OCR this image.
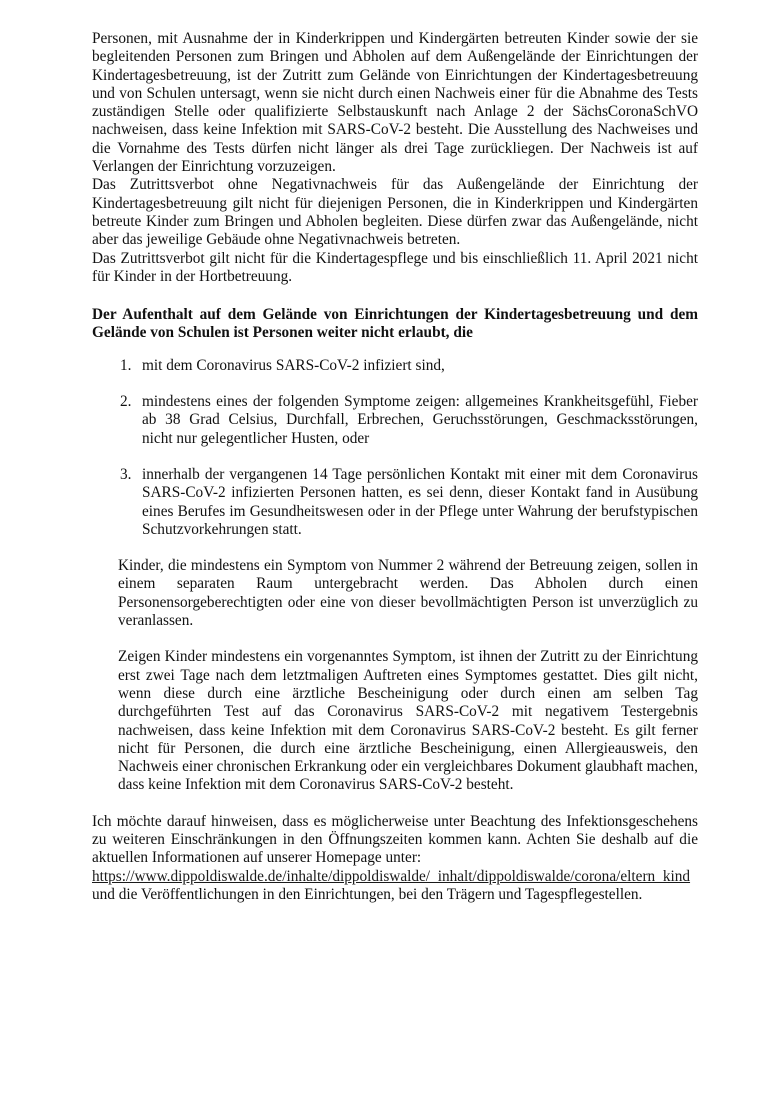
Personen, mit Ausnahme der in Kinderkrippen und Kindergärten betreuten Kinder sowie der sie begleitenden Personen zum Bringen und Abholen auf dem Außengelände der Einrichtungen der Kindertagesbetreuung, ist der Zutritt zum Gelände von Einrichtungen der Kindertagesbetreuung und von Schulen untersagt, wenn sie nicht durch einen Nachweis einer für die Abnahme des Tests zuständigen Stelle oder qualifizierte Selbstauskunft nach Anlage 2 der SächsCoronaSchVO nachweisen, dass keine Infektion mit SARS-CoV-2 besteht. Die Ausstellung des Nachweises und die Vornahme des Tests dürfen nicht länger als drei Tage zurückliegen. Der Nachweis ist auf Verlangen der Einrichtung vorzuzeigen.

Das Zutrittsverbot ohne Negativnachweis für das Außengelände der Einrichtung der Kindertagesbetreuung gilt nicht für diejenigen Personen, die in Kinderkrippen und Kindergärten betreute Kinder zum Bringen und Abholen begleiten. Diese dürfen zwar das Außengelände, nicht aber das jeweilige Gebäude ohne Negativnachweis betreten.

Das Zutrittsverbot gilt nicht für die Kindertagespflege und bis einschließlich 11. April 2021 nicht für Kinder in der Hortbetreuung.

Der Aufenthalt auf dem Gelände von Einrichtungen der Kindertagesbetreuung und dem Gelände von Schulen ist Personen weiter nicht erlaubt, die

1. mit dem Coronavirus SARS-CoV-2 infiziert sind,
2. mindestens eines der folgenden Symptome zeigen: allgemeines Krankheitsgefühl, Fieber ab 38 Grad Celsius, Durchfall, Erbrechen, Geruchsstörungen, Geschmacksstörungen, nicht nur gelegentlicher Husten, oder
3. innerhalb der vergangenen 14 Tage persönlichen Kontakt mit einer mit dem Coronavirus SARS-CoV-2 infizierten Personen hatten, es sei denn, dieser Kontakt fand in Ausübung eines Berufes im Gesundheitswesen oder in der Pflege unter Wahrung der berufstypischen Schutzvorkehrungen statt.

Kinder, die mindestens ein Symptom von Nummer 2 während der Betreuung zeigen, sollen in einem separaten Raum untergebracht werden. Das Abholen durch einen Personensorgeberechtigten oder eine von dieser bevollmächtigten Person ist unverzüglich zu veranlassen.

Zeigen Kinder mindestens ein vorgenanntes Symptom, ist ihnen der Zutritt zu der Einrichtung erst zwei Tage nach dem letztmaligen Auftreten eines Symptomes gestattet. Dies gilt nicht, wenn diese durch eine ärztliche Bescheinigung oder durch einen am selben Tag durchgeführten Test auf das Coronavirus SARS-CoV-2 mit negativem Testergebnis nachweisen, dass keine Infektion mit dem Coronavirus SARS-CoV-2 besteht. Es gilt ferner nicht für Personen, die durch eine ärztliche Bescheinigung, einen Allergieausweis, den Nachweis einer chronischen Erkrankung oder ein vergleichbares Dokument glaubhaft machen, dass keine Infektion mit dem Coronavirus SARS-CoV-2 besteht.

Ich möchte darauf hinweisen, dass es möglicherweise unter Beachtung des Infektionsgeschehens zu weiteren Einschränkungen in den Öffnungszeiten kommen kann. Achten Sie deshalb auf die aktuellen Informationen auf unserer Homepage unter:

https://www.dippoldiswalde.de/inhalte/dippoldiswalde/_inhalt/dippoldiswalde/corona/eltern_kind

und die Veröffentlichungen in den Einrichtungen, bei den Trägern und Tagespflegestellen.
